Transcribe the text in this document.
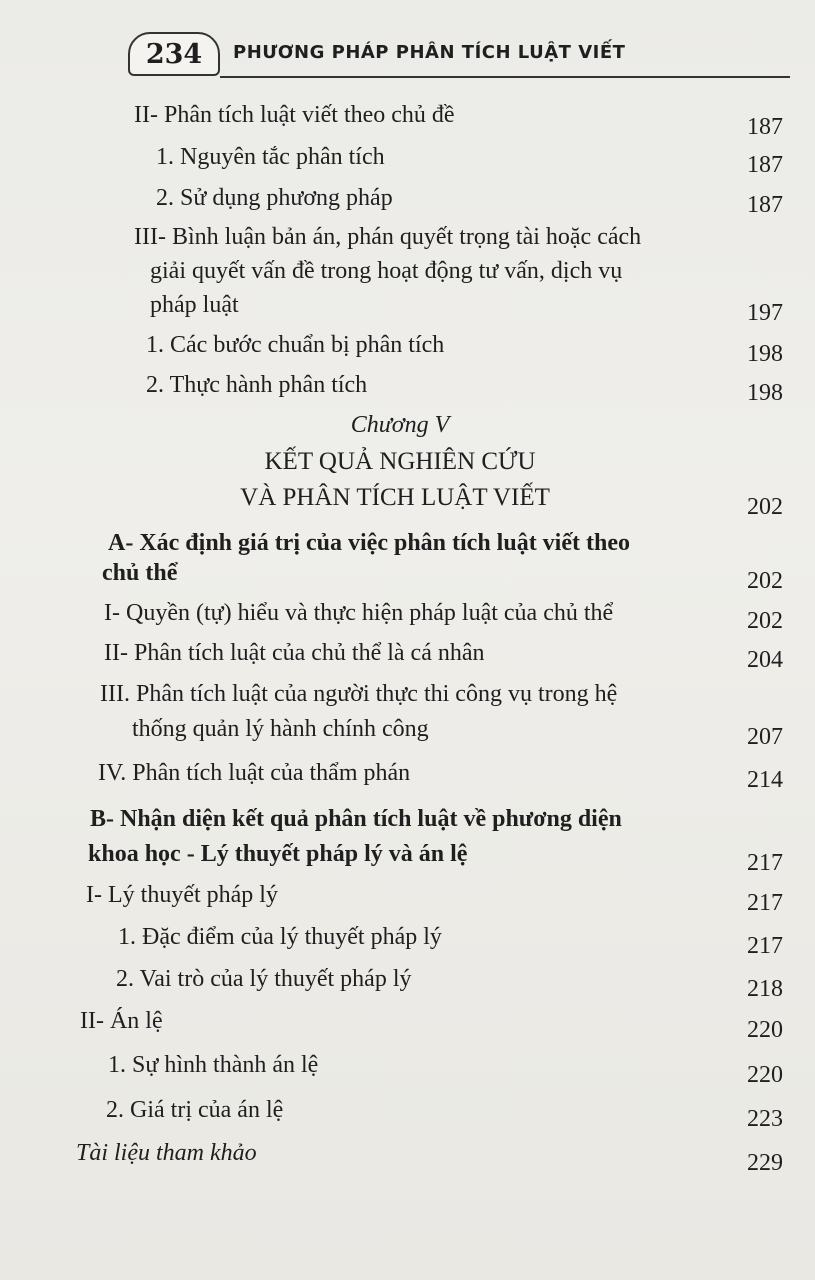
234	PHƯƠNG PHÁP PHÂN TÍCH LUẬT VIẾT
II- Phân tích luật viết theo chủ đề	187
1. Nguyên tắc phân tích	187
2. Sử dụng phương pháp	187
III- Bình luận bản án, phán quyết trọng tài hoặc cách
giải quyết vấn đề trong hoạt động tư vấn, dịch vụ
pháp luật	197
1. Các bước chuẩn bị phân tích	198
2. Thực hành phân tích	198
Chương V
KẾT QUẢ NGHIÊN CỨU
VÀ PHÂN TÍCH LUẬT VIẾT	202
A- Xác định giá trị của việc phân tích luật viết theo
chủ thể	202
I- Quyền (tự) hiểu và thực hiện pháp luật của chủ thể	202
II- Phân tích luật của chủ thể là cá nhân	204
III. Phân tích luật của người thực thi công vụ trong hệ
thống quản lý hành chính công	207
IV. Phân tích luật của thẩm phán	214
B- Nhận diện kết quả phân tích luật về phương diện
khoa học - Lý thuyết pháp lý và án lệ	217
I- Lý thuyết pháp lý	217
1. Đặc điểm của lý thuyết pháp lý	217
2. Vai trò của lý thuyết pháp lý	218
II- Án lệ	220
1. Sự hình thành án lệ	220
2. Giá trị của án lệ	223
Tài liệu tham khảo	229
